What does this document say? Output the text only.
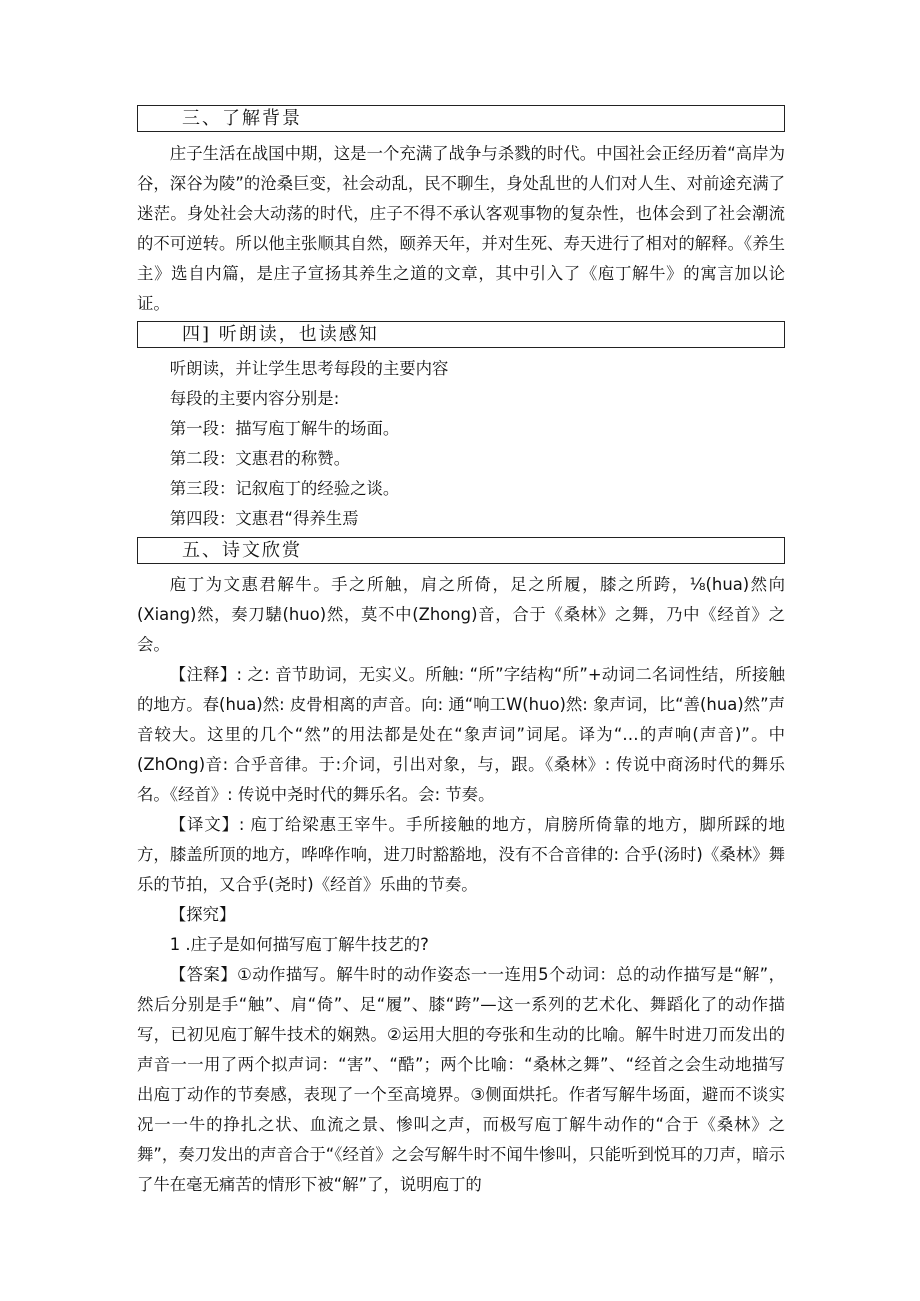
三、了解背景

庄子生活在战国中期，这是一个充满了战争与杀戮的时代。中国社会正经历着“高岸为谷，深谷为陵”的沧桑巨变，社会动乱，民不聊生，身处乱世的人们对人生、对前途充满了迷茫。身处社会大动荡的时代，庄子不得不承认客观事物的复杂性，也体会到了社会潮流的不可逆转。所以他主张顺其自然，颐养天年，并对生死、寿天进行了相对的解释。《养生主》选自内篇，是庄子宣扬其养生之道的文章，其中引入了《庖丁解牛》的寓言加以论证。

四] 听朗读，也读感知

听朗读，并让学生思考每段的主要内容

每段的主要内容分别是:

第一段：描写庖丁解牛的场面。

第二段：文惠君的称赞。

第三段：记叙庖丁的经验之谈。

第四段：文惠君“得养生焉

五、诗文欣赏

庖丁为文惠君解牛。手之所触，肩之所倚，足之所履，膝之所跨，⅛(hua)然向(Xiang)然，奏刀騞(huo)然，莫不中(Zhong)音，合于《桑林》之舞，乃中《经首》之会。

【注释】: 之: 音节助词，无实义。所触: “所”字结构“所”+动词二名词性结，所接触的地方。春(hua)然: 皮骨相离的声音。向: 通“响工W(huo)然: 象声词，比“善(hua)然”声音较大。这里的几个“然”的用法都是处在“象声词”词尾。译为“…的声响(声音)”。中(ZhOng)音: 合乎音律。于:介词，引出对象，与，跟。《桑林》: 传说中商汤时代的舞乐名。《经首》: 传说中尧时代的舞乐名。会: 节奏。

【译文】: 庖丁给梁惠王宰牛。手所接触的地方，肩膀所倚靠的地方，脚所踩的地方，膝盖所顶的地方，哗哗作响，进刀时豁豁地，没有不合音律的: 合乎(汤时)《桑林》舞乐的节拍，又合乎(尧时)《经首》乐曲的节奏。

【探究】

1 .庄子是如何描写庖丁解牛技艺的?

【答案】①动作描写。解牛时的动作姿态一一连用5个动词：总的动作描写是“解”，然后分别是手“触”、肩“倚”、足“履”、膝“跨”—这一系列的艺术化、舞蹈化了的动作描写，已初见庖丁解牛技术的娴熟。②运用大胆的夸张和生动的比喻。解牛时进刀而发出的声音一一用了两个拟声词：“害”、“酷”；两个比喻：“桑林之舞”、“经首之会生动地描写出庖丁动作的节奏感，表现了一个至高境界。③侧面烘托。作者写解牛场面，避而不谈实况一一牛的挣扎之状、血流之景、惨叫之声，而极写庖丁解牛动作的“合于《桑林》之舞”，奏刀发出的声音合于“《经首》之会写解牛时不闻牛惨叫，只能听到悦耳的刀声，暗示了牛在毫无痛苦的情形下被“解”了，说明庖丁的
